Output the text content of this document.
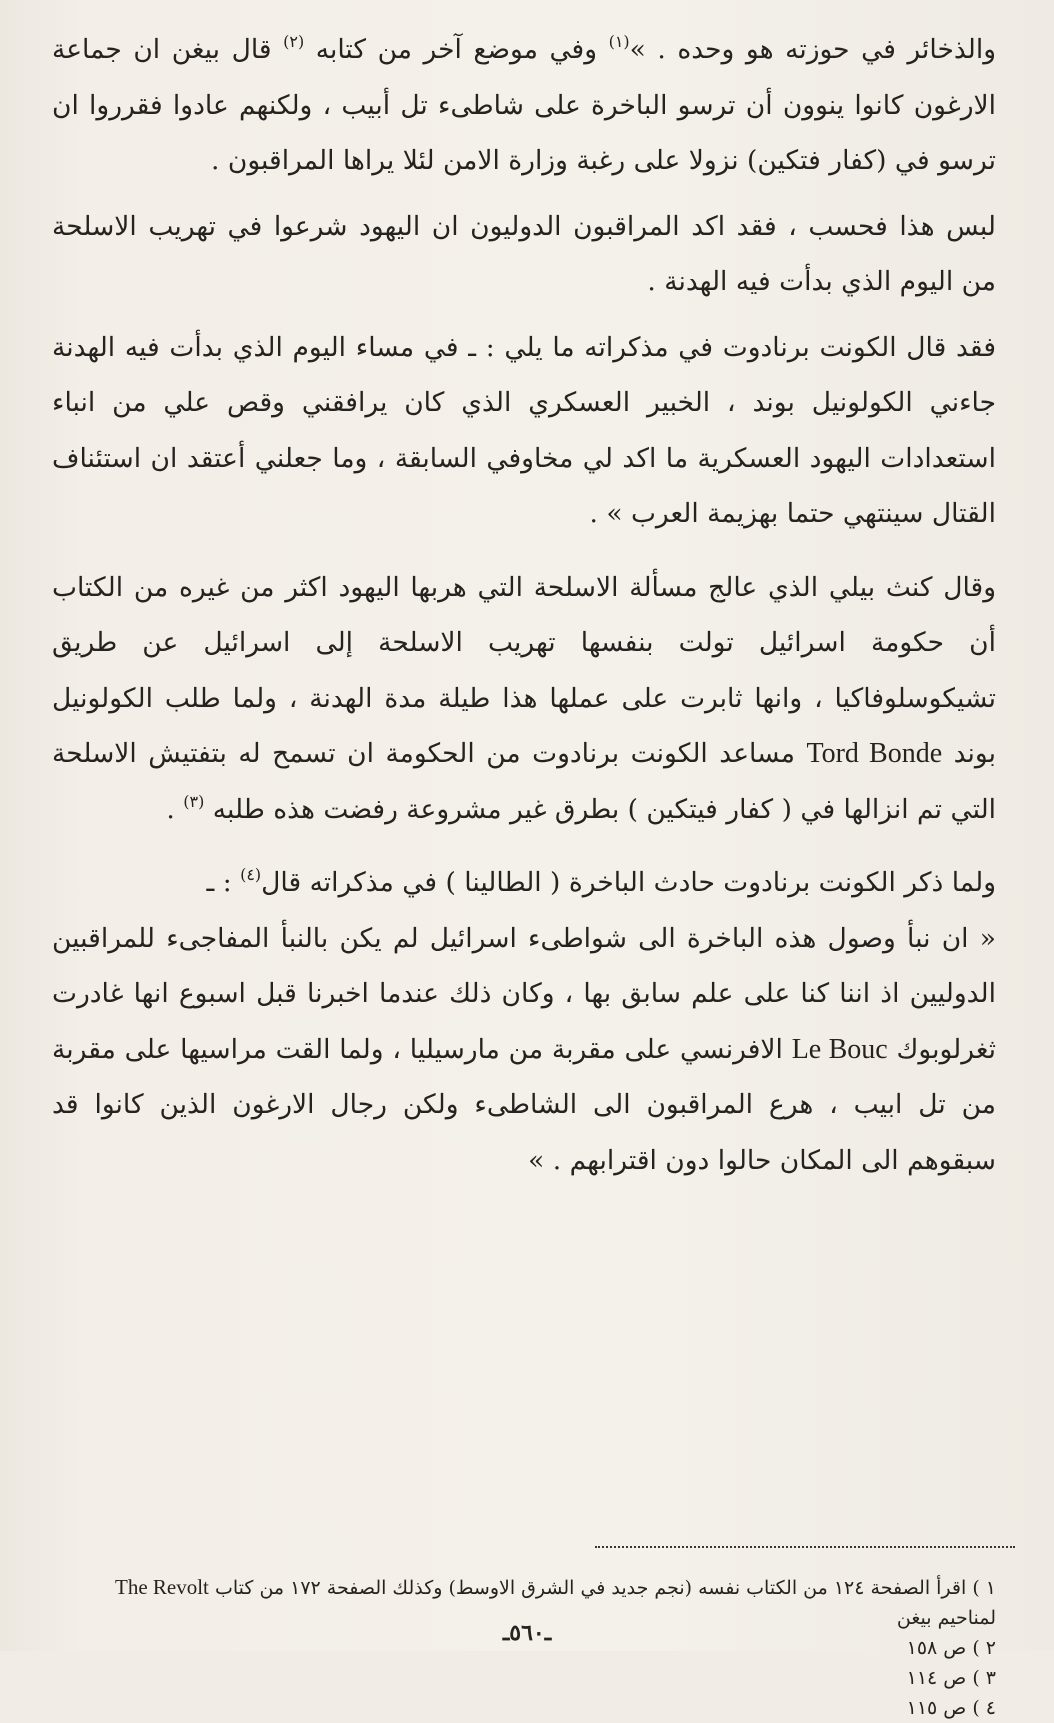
والذخائر في حوزته هو وحده . »$^{(١)}$ وفي موضع آخر من كتابه $^{(٢)}$ قال بيغن ان جماعة الارغون كانوا ينوون أن ترسو الباخرة على شاطىء تل أبيب ، ولكنهم عادوا فقرروا ان ترسو في (كفار فتكين) نزولا على رغبة وزارة الامن لئلا يراها المراقبون .

لبس هذا فحسب ، فقد اكد المراقبون الدوليون ان اليهود شرعوا في تهريب الاسلحة من اليوم الذي بدأت فيه الهدنة .

فقد قال الكونت برنادوت في مذكراته ما يلي : ـ في مساء اليوم الذي بدأت فيه الهدنة جاءني الكولونيل بوند ، الخبير العسكري الذي كان يرافقني وقص علي من انباء استعدادات اليهود العسكرية ما اكد لي مخاوفي السابقة ، وما جعلني أعتقد ان استئناف القتال سينتهي حتما بهزيمة العرب » .

وقال كنث بيلي الذي عالج مسألة الاسلحة التي هربها اليهود اكثر من غيره من الكتاب أن حكومة اسرائيل تولت بنفسها تهريب الاسلحة إلى اسرائيل عن طريق تشيكوسلوفاكيا ، وانها ثابرت على عملها هذا طيلة مدة الهدنة ، ولما طلب الكولونيل بوند Tord Bonde مساعد الكونت برنادوت من الحكومة ان تسمح له بتفتيش الاسلحة التي تم انزالها في ( كفار فيتكين ) بطرق غير مشروعة رفضت هذه طلبه $^{(٣)}$ .

ولما ذكر الكونت برنادوت حادث الباخرة ( الطالينا ) في مذكراته قال$^{(٤)}$ : ـ

« ان نبأ وصول هذه الباخرة الى شواطىء اسرائيل لم يكن بالنبأ المفاجىء للمراقبين الدوليين اذ اننا كنا على علم سابق بها ، وكان ذلك عندما اخبرنا قبل اسبوع انها غادرت ثغرلوبوك Le Bouc الافرنسي على مقربة من مارسيليا ، ولما القت مراسيها على مقربة من تل ابيب ، هرع المراقبون الى الشاطىء ولكن رجال الارغون الذين كانوا قد سبقوهم الى المكان حالوا دون اقترابهم . »

١ ) اقرأ الصفحة ١٢٤ من الكتاب نفسه (نجم جديد في الشرق الاوسط) وكذلك الصفحة ١٧٢ من كتاب The Revolt لمناحيم بيغن

٢ ) ص ١٥٨

٣ ) ص ١١٤

٤ ) ص ١١٥

ـ٥٦٠ـ
